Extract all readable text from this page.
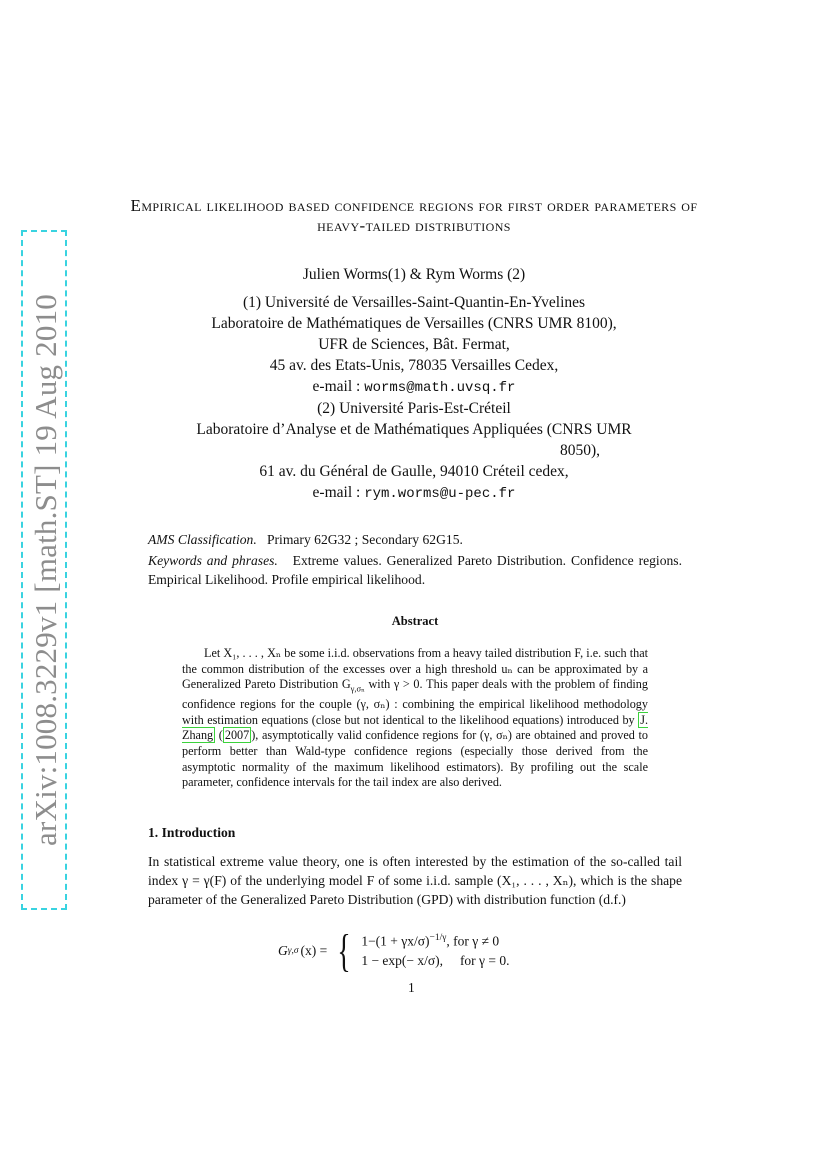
arXiv:1008.3229v1 [math.ST] 19 Aug 2010
Empirical likelihood based confidence regions for first order parameters of heavy-tailed distributions
Julien Worms(1) & Rym Worms (2)
(1) Université de Versailles-Saint-Quantin-En-Yvelines
Laboratoire de Mathématiques de Versailles (CNRS UMR 8100),
UFR de Sciences, Bât. Fermat,
45 av. des Etats-Unis, 78035 Versailles Cedex,
e-mail : worms@math.uvsq.fr
(2) Université Paris-Est-Créteil
Laboratoire d’Analyse et de Mathématiques Appliquées (CNRS UMR
8050),
61 av. du Général de Gaulle, 94010 Créteil cedex,
e-mail : rym.worms@u-pec.fr
AMS Classification. Primary 62G32 ; Secondary 62G15.
Keywords and phrases. Extreme values. Generalized Pareto Distribution. Confidence regions. Empirical Likelihood. Profile empirical likelihood.
Abstract

Let X₁, . . . , Xₙ be some i.i.d. observations from a heavy tailed distribution F, i.e. such that the common distribution of the excesses over a high threshold uₙ can be approximated by a Generalized Pareto Distribution $G_{\gamma,\sigma_n}$ with γ > 0. This paper deals with the problem of finding confidence regions for the couple (γ, σₙ) : combining the empirical likelihood methodology with estimation equations (close but not identical to the likelihood equations) introduced by J. Zhang ( 2007 ), asymptotically valid confidence regions for (γ, σₙ) are obtained and proved to perform better than Wald-type confidence regions (especially those derived from the asymptotic normality of the maximum likelihood estimators). By profiling out the scale parameter, confidence intervals for the tail index are also derived.

1. Introduction

In statistical extreme value theory, one is often interested by the estimation of the so-called tail index γ = γ(F) of the underlying model F of some i.i.d. sample (X₁, . . . , Xₙ), which is the shape parameter of the Generalized Pareto Distribution (GPD) with distribution function (d.f.)

G γ,σ (x) = { $1-(1 + \gamma x/\sigma)^{-1/\gamma}$, for γ ≠ 0
1 − exp(− x/σ), for γ = 0.
1
